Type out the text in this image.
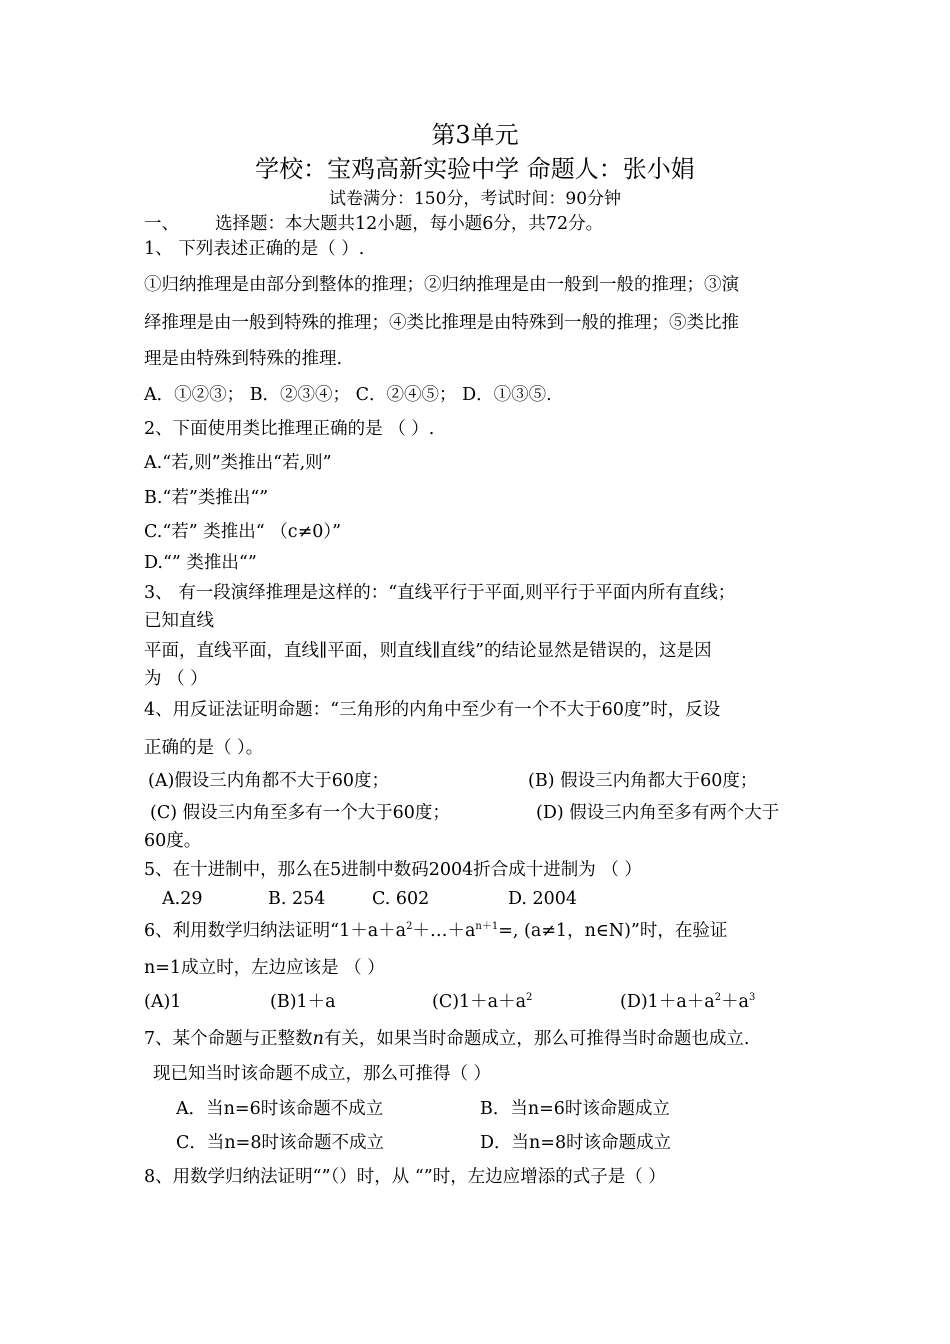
第3单元
学校：宝鸡高新实验中学 命题人：张小娟
试卷满分：150分，考试时间：90分钟
一、 选择题：本大题共12小题，每小题6分，共72分。
1、 下列表述正确的是（ ）.
①归纳推理是由部分到整体的推理；②归纳推理是由一般到一般的推理；③演
绎推理是由一般到特殊的推理；④类比推理是由特殊到一般的推理；⑤类比推
理是由特殊到特殊的推理.
A．①②③； B．②③④； C．②④⑤； D．①③⑤.
2、下面使用类比推理正确的是 （ ）.
A.“若,则”类推出“若,则”
B.“若”类推出“”
C.“若” 类推出“ （c≠0）”
D.“” 类推出“”
3、 有一段演绎推理是这样的：“直线平行于平面,则平行于平面内所有直线；
已知直线
平面，直线平面，直线∥平面，则直线∥直线”的结论显然是错误的，这是因
为 （ ）
4、用反证法证明命题：“三角形的内角中至少有一个不大于60度”时，反设
正确的是（ ）。
(A)假设三内角都不大于60度；	(B) 假设三内角都大于60度；
(C) 假设三内角至多有一个大于60度；	(D) 假设三内角至多有两个大于
60度。
5、在十进制中，那么在5进制中数码2004折合成十进制为 （ ）
A.29	B. 254	C. 602	D. 2004
6、利用数学归纳法证明“$1+a+a^2+\dots+a^{n+1}=$, (a≠1，n∈N)”时，在验证
n=1成立时，左边应该是 （ ）
(A)1	(B)1＋a	$(C)1+a+a^2$	$(D)1+a+a^2+a^3$
7、某个命题与正整数n有关，如果当时命题成立，那么可推得当时命题也成立.
现已知当时该命题不成立，那么可推得（ ）
A．当n=6时该命题不成立	B．当n=6时该命题成立
C．当n=8时该命题不成立	D．当n=8时该命题成立
8、用数学归纳法证明“”（）时，从 “”时，左边应增添的式子是（ ）
